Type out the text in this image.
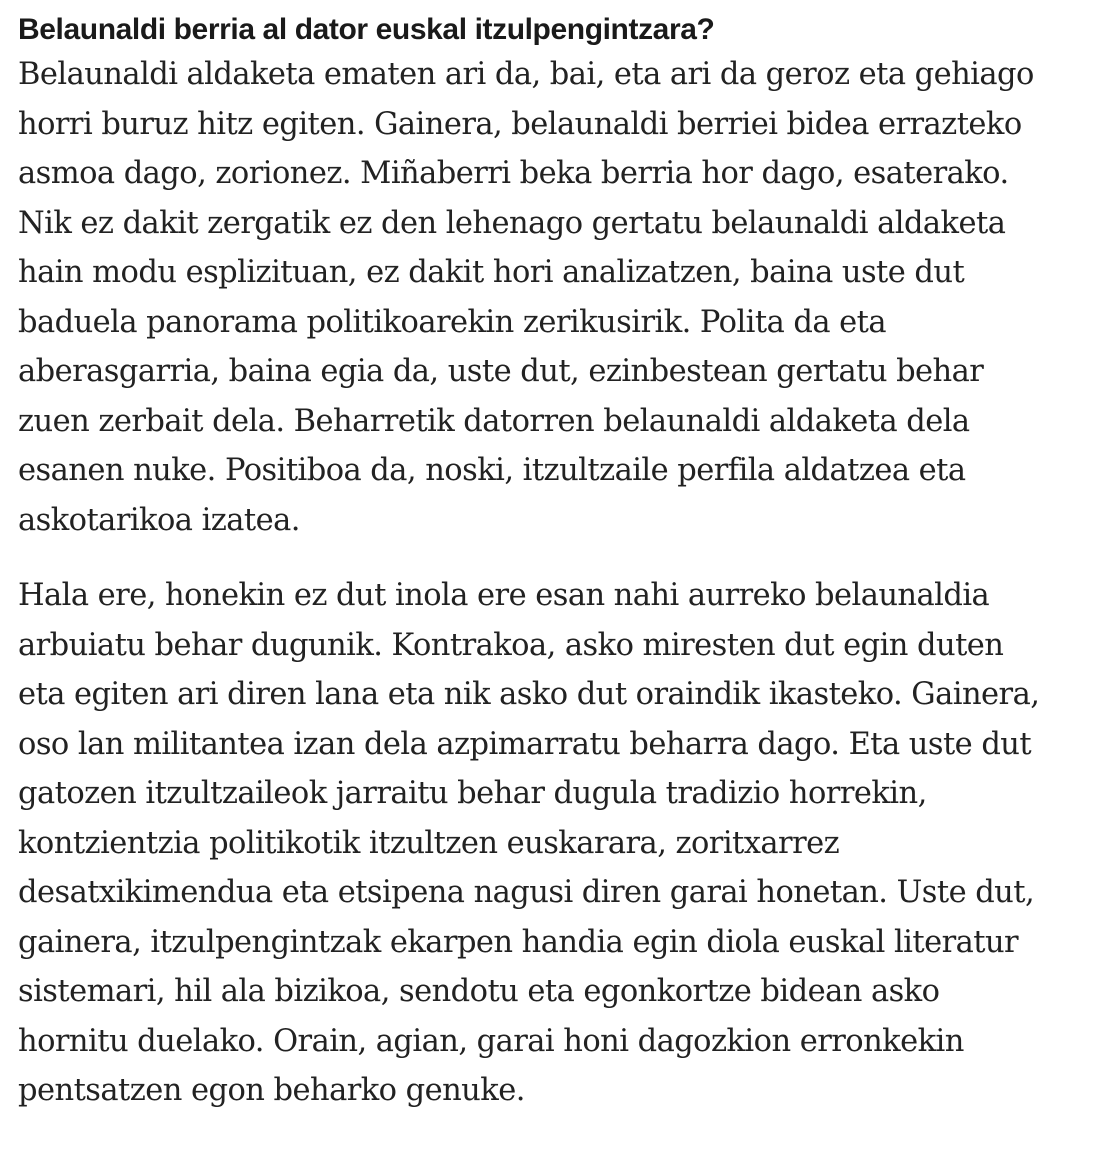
Belaunaldi berria al dator euskal itzulpengintzara?

Belaunaldi aldaketa ematen ari da, bai, eta ari da geroz eta gehiago
horri buruz hitz egiten. Gainera, belaunaldi berriei bidea errazteko
asmoa dago, zorionez. Miñaberri beka berria hor dago, esaterako.
Nik ez dakit zergatik ez den lehenago gertatu belaunaldi aldaketa
hain modu esplizituan, ez dakit hori analizatzen, baina uste dut
baduela panorama politikoarekin zerikusirik. Polita da eta
aberasgarria, baina egia da, uste dut, ezinbestean gertatu behar
zuen zerbait dela. Beharretik datorren belaunaldi aldaketa dela
esanen nuke. Positiboa da, noski, itzultzaile perfila aldatzea eta
askotarikoa izatea.

Hala ere, honekin ez dut inola ere esan nahi aurreko belaunaldia
arbuiatu behar dugunik. Kontrakoa, asko miresten dut egin duten
eta egiten ari diren lana eta nik asko dut oraindik ikasteko. Gainera,
oso lan militantea izan dela azpimarratu beharra dago. Eta uste dut
gatozen itzultzaileok jarraitu behar dugula tradizio horrekin,
kontzientzia politikotik itzultzen euskarara, zoritxarrez
desatxikimendua eta etsipena nagusi diren garai honetan. Uste dut,
gainera, itzulpengintzak ekarpen handia egin diola euskal literatur
sistemari, hil ala bizikoa, sendotu eta egonkortze bidean asko
hornitu duelako. Orain, agian, garai honi dagozkion erronkekin
pentsatzen egon beharko genuke.
